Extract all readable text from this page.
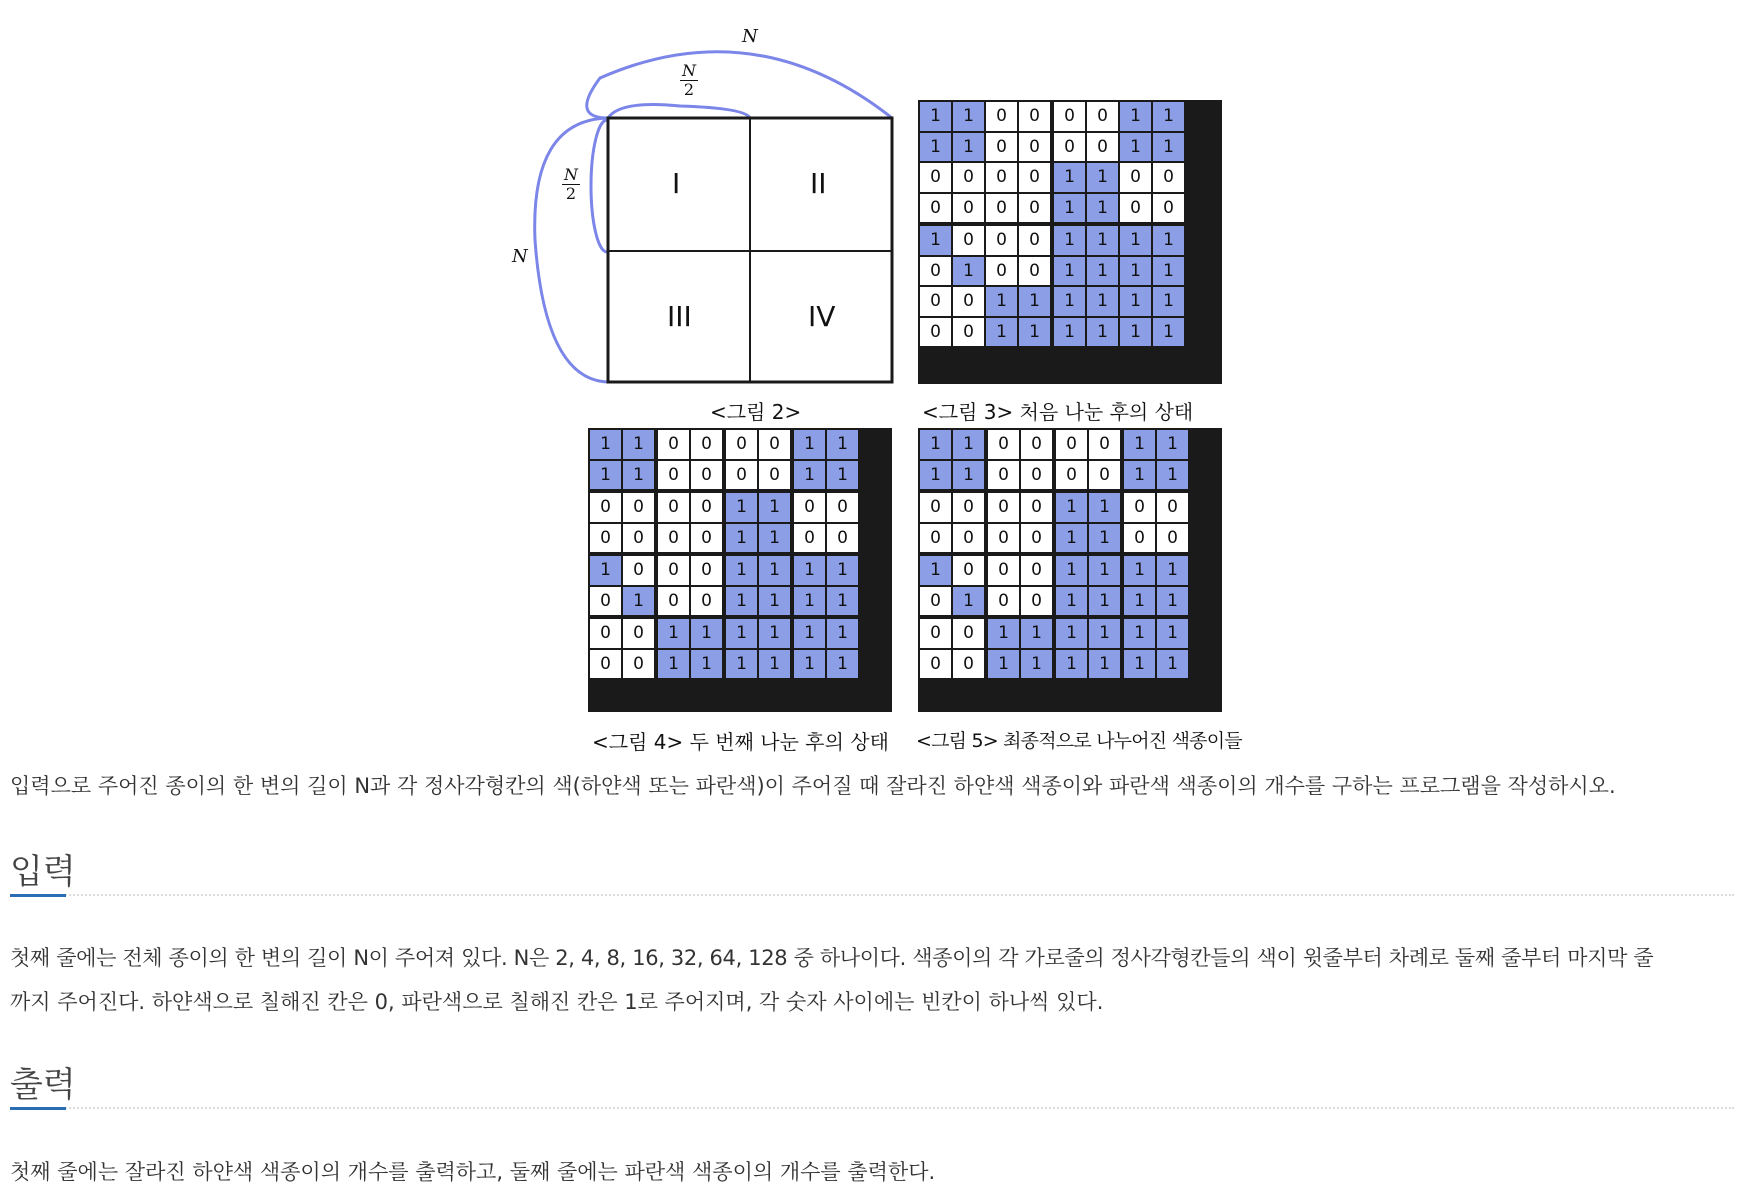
I	II
III	IV
N
N
$\frac{N}{2}$
$\frac{N}{2}$
1	1	0	0	0	0	1	1
1	1	0	0	0	0	1	1
0	0	0	0	1	1	0	0
0	0	0	0	1	1	0	0
1	0	0	0	1	1	1	1
0	1	0	0	1	1	1	1
0	0	1	1	1	1	1	1
0	0	1	1	1	1	1	1
1	1	0	0	0	0	1	1
1	1	0	0	0	0	1	1
0	0	0	0	1	1	0	0
0	0	0	0	1	1	0	0
1	0	0	0	1	1	1	1
0	1	0	0	1	1	1	1
0	0	1	1	1	1	1	1
0	0	1	1	1	1	1	1
1	1	0	0	0	0	1	1
1	1	0	0	0	0	1	1
0	0	0	0	1	1	0	0
0	0	0	0	1	1	0	0
1	0	0	0	1	1	1	1
0	1	0	0	1	1	1	1
0	0	1	1	1	1	1	1
0	0	1	1	1	1	1	1
<그림 2>	<그림 3> 처음 나눈 후의 상태
<그림 4> 두 번째 나눈 후의 상태 <그림 5> 최종적으로 나누어진 색종이들

입력으로 주어진 종이의 한 변의 길이 N과 각 정사각형칸의 색(하얀색 또는 파란색)이 주어질 때 잘라진 하얀색 색종이와 파란색 색종이의 개수를 구하는 프로그램을 작성하시오.

입력

첫째 줄에는 전체 종이의 한 변의 길이 N이 주어져 있다. N은 2, 4, 8, 16, 32, 64, 128 중 하나이다. 색종이의 각 가로줄의 정사각형칸들의 색이 윗줄부터 차례로 둘째 줄부터 마지막 줄

까지 주어진다. 하얀색으로 칠해진 칸은 0, 파란색으로 칠해진 칸은 1로 주어지며, 각 숫자 사이에는 빈칸이 하나씩 있다.

출력

첫째 줄에는 잘라진 하얀색 색종이의 개수를 출력하고, 둘째 줄에는 파란색 색종이의 개수를 출력한다.
